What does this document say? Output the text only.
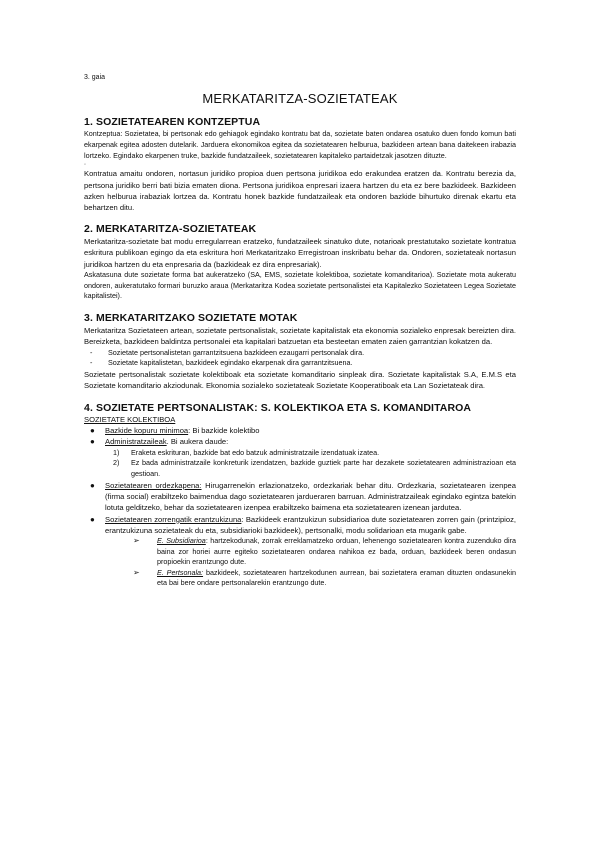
3. gaia
MERKATARITZA-SOZIETATEAK
1. SOZIETATEAREN KONTZEPTUA

Kontzeptua: Sozietatea, bi pertsonak edo gehiagok egindako kontratu bat da, sozietate baten ondarea osatuko duen fondo komun bati ekarpenak egitea adosten dutelarik. Jarduera ekonomikoa egitea da sozietatearen helburua, bazkideen artean bana daitekeen irabazia lortzeko. Egindako ekarpenen truke, bazkide fundatzaileek, sozietatearen kapitaleko partaidetzak jasotzen dituzte.

◦

Kontratua amaitu ondoren, nortasun juridiko propioa duen pertsona juridikoa edo erakundea eratzen da. Kontratu berezia da, pertsona juridiko berri bati bizia ematen diona. Pertsona juridikoa enpresari izaera hartzen du eta ez bere bazkideek. Bazkideen azken helburua irabaziak lortzea da. Kontratu honek bazkide fundatzaileak eta ondoren bazkide bihurtuko direnak ekartu eta behartzen ditu.

2. MERKATARITZA-SOZIETATEAK

Merkataritza-sozietate bat modu erregularrean eratzeko, fundatzaileek sinatuko dute, notarioak prestatutako sozietate kontratua eskritura publikoan egingo da eta eskritura hori Merkataritzako Erregistroan inskribatu behar da. Ondoren, sozietateak nortasun juridikoa hartzen du eta enpresaria da (bazkideak ez dira enpresariak).

Askatasuna dute sozietate forma bat aukeratzeko (SA, EMS, sozietate kolektiboa, sozietate komanditarioa). Sozietate mota aukeratu ondoren, aukeratutako formari buruzko araua (Merkataritza Kodea sozietate pertsonalistei eta Kapitalezko Sozietateen Legea Sozietate kapitalistei).

3. MERKATARITZAKO SOZIETATE MOTAK

Merkataritza Sozietateen artean, sozietate pertsonalistak, sozietate kapitalistak eta ekonomia sozialeko enpresak bereizten dira. Bereizketa, bazkideen baldintza pertsonalei eta kapitalari batzuetan eta besteetan ematen zaien garrantzian kokatzen da.

- Sozietate pertsonalistetan garrantzitsuena bazkideen ezaugarri pertsonalak dira.
- Sozietate kapitalistetan, bazkideek egindako ekarpenak dira garrantzitsuena.

Sozietate pertsonalistak sozietate kolektiboak eta sozietate komanditario sinpleak dira. Sozietate kapitalistak S.A, E.M.S eta Sozietate komanditario akziodunak. Ekonomia sozialeko sozietateak Sozietate Kooperatiboak eta Lan Sozietateak dira.

4. SOZIETATE PERTSONALISTAK: S. KOLEKTIKOA ETA S. KOMANDITAROA
SOZIETATE KOLEKTIBOA
● Bazkide kopuru minimoa: Bi bazkide kolektibo
● Administratzaileak. Bi aukera daude:
1) Eraketa eskrituran, bazkide bat edo batzuk administratzaile izendatuak izatea.
2) Ez bada administratzaile konkreturik izendatzen, bazkide guztiek parte har dezakete sozietatearen administrazioan eta gestioan.
● Sozietatearen ordezkapena: Hirugarrenekin erlazionatzeko, ordezkariak behar ditu. Ordezkaria, sozietatearen izenpea (firma social) erabiltzeko baimendua dago sozietatearen jardueraren barruan. Administratzaileak egindako egintza batekin lotuta gelditzeko, behar da sozietatearen izenpea erabiltzeko baimena eta sozietatearen izenean jardutea.
● Sozietatearen zorrengatik erantzukizuna: Bazkideek erantzukizun subsidiarioa dute sozietatearen zorren gain (printzipioz, erantzukizuna sozietateak du eta, subsidiarioki bazkideek), pertsonalki, modu solidarioan eta mugarik gabe.
➢ E. Subsidiarioa: hartzekodunak, zorrak erreklamatzeko orduan, lehenengo sozietatearen kontra zuzenduko dira baina zor horiei aurre egiteko sozietatearen ondarea nahikoa ez bada, orduan, bazkideek beren ondasun propioekin erantzungo dute.
➢ E. Pertsonala: bazkideek, sozietatearen hartzekodunen aurrean, bai sozietatera eraman dituzten ondasunekin eta bai bere ondare pertsonalarekin erantzungo dute.
